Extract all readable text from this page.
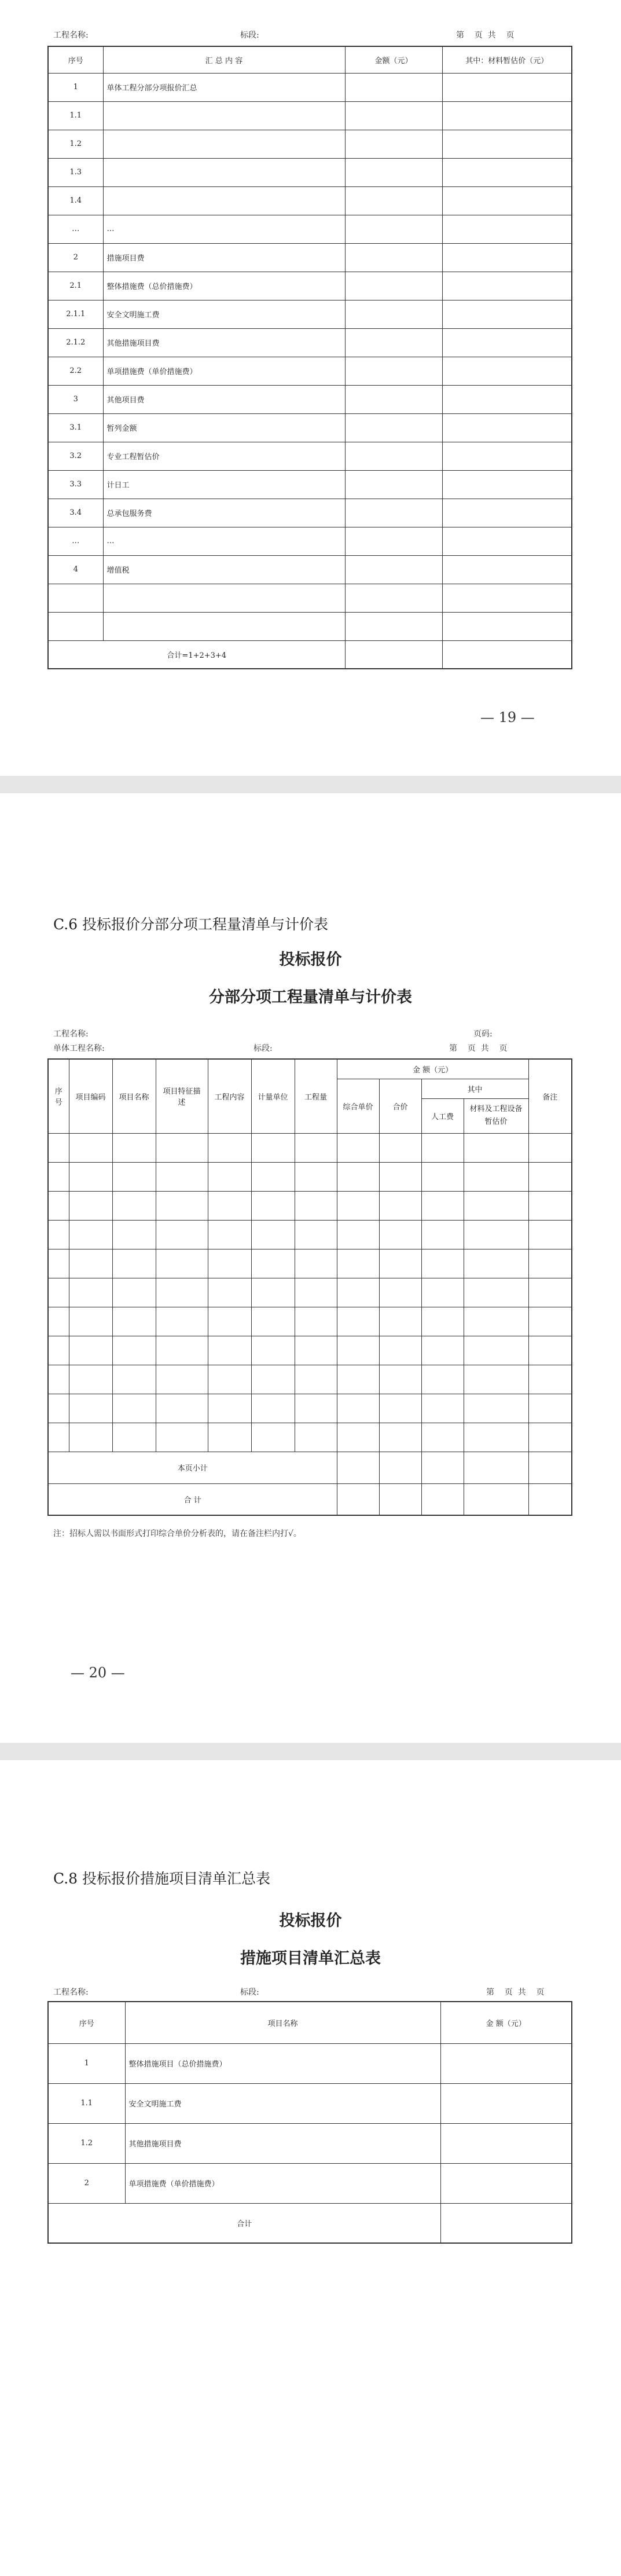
工程名称:	标段:	第    页  共    页
序号	汇 总 内 容	金额（元）	其中：材料暂估价（元）
1	单体工程分部分项报价汇总		
1.1			
1.2			
1.3			
1.4			
…	…		
2	措施项目费		
2.1	整体措施费（总价措施费）		
2.1.1	安全文明施工费		
2.1.2	其他措施项目费		
2.2	单项措施费（单价措施费）		
3	其他项目费		
3.1	暂列金额		
3.2	专业工程暂估价		
3.3	计日工		
3.4	总承包服务费		
…	…		
4	增值税		

合计=1+2+3+4			
— 19 —
C.6 投标报价分部分项工程量清单与计价表
投标报价
分部分项工程量清单与计价表
工程名称:	页码:
单体工程名称:	标段:	第    页  共    页
序号	项目编码	项目名称	项目特征描述	工程内容	计量单位	工程量	金 额（元）				备注
							综合单价	合价	其中		
									人工费	材料及工程设备暂估价	

本页小计											
合 计											
注：招标人需以书面形式打印综合单价分析表的，请在备注栏内打√。
— 20 —
C.8 投标报价措施项目清单汇总表
投标报价
措施项目清单汇总表
工程名称:	标段:	第    页  共    页
序号	项目名称	金 额（元）
1	整体措施项目（总价措施费）	
1.1	安全文明施工费	
1.2	其他措施项目费	
2	单项措施费（单价措施费）	
合计		
